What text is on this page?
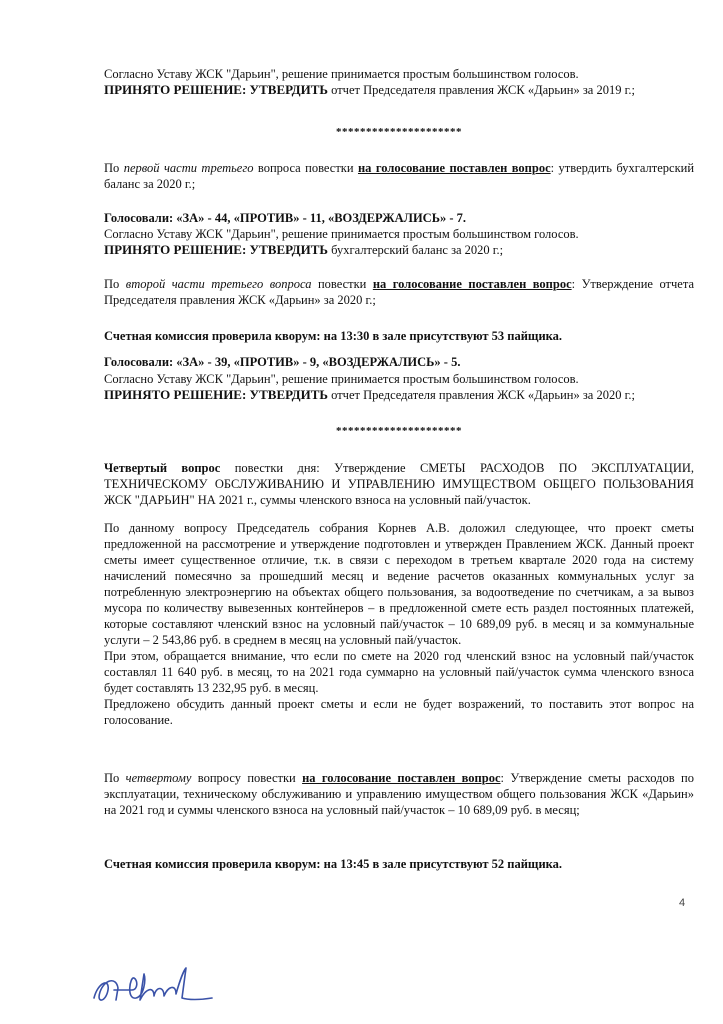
Согласно Уставу ЖСК "Дарьин", решение принимается простым большинством голосов.
ПРИНЯТО РЕШЕНИЕ: УТВЕРДИТЬ отчет Председателя правления ЖСК «Дарьин» за 2019 г.;
*********************
По первой части третьего вопроса повестки на голосование поставлен вопрос: утвердить бухгалтерский баланс за 2020 г.;
Голосовали: «ЗА» - 44, «ПРОТИВ» - 11, «ВОЗДЕРЖАЛИСЬ» - 7.
Согласно Уставу ЖСК "Дарьин", решение принимается простым большинством голосов.
ПРИНЯТО РЕШЕНИЕ: УТВЕРДИТЬ бухгалтерский баланс за 2020 г.;
По второй части третьего вопроса повестки на голосование поставлен вопрос: Утверждение отчета Председателя правления ЖСК «Дарьин» за 2020 г.;
Счетная комиссия проверила кворум: на 13:30 в зале присутствуют 53 пайщика.
Голосовали: «ЗА» - 39, «ПРОТИВ» - 9, «ВОЗДЕРЖАЛИСЬ» - 5.
Согласно Уставу ЖСК "Дарьин", решение принимается простым большинством голосов.
ПРИНЯТО РЕШЕНИЕ: УТВЕРДИТЬ отчет Председателя правления ЖСК «Дарьин» за 2020 г.;
*********************
Четвертый вопрос повестки дня: Утверждение СМЕТЫ РАСХОДОВ ПО ЭКСПЛУАТАЦИИ, ТЕХНИЧЕСКОМУ ОБСЛУЖИВАНИЮ И УПРАВЛЕНИЮ ИМУЩЕСТВОМ ОБЩЕГО ПОЛЬЗОВАНИЯ ЖСК "ДАРЬИН" НА 2021 г., суммы членского взноса на условный пай/участок.
По данному вопросу Председатель собрания Корнев А.В. доложил следующее, что проект сметы предложенной на рассмотрение и утверждение подготовлен и утвержден Правлением ЖСК. Данный проект сметы имеет существенное отличие, т.к. в связи с переходом в третьем квартале 2020 года на систему начислений помесячно за прошедший месяц и ведение расчетов оказанных коммунальных услуг за потребленную электроэнергию на объектах общего пользования, за водоотведение по счетчикам, а за вывоз мусора по количеству вывезенных контейнеров – в предложенной смете есть раздел постоянных платежей, которые составляют членский взнос на условный пай/участок – 10 689,09 руб. в месяц и за коммунальные услуги – 2 543,86 руб. в среднем в месяц на условный пай/участок.
При этом, обращается внимание, что если по смете на 2020 год членский взнос на условный пай/участок составлял 11 640 руб. в месяц, то на 2021 года суммарно на условный пай/участок сумма членского взноса будет составлять 13 232,95 руб. в месяц.
Предложено обсудить данный проект сметы и если не будет возражений, то поставить этот вопрос на голосование.
По четвертому вопросу повестки на голосование поставлен вопрос: Утверждение сметы расходов по эксплуатации, техническому обслуживанию и управлению имуществом общего пользования ЖСК «Дарьин» на 2021 год и суммы членского взноса на условный пай/участок – 10 689,09 руб. в месяц;
Счетная комиссия проверила кворум: на 13:45 в зале присутствуют 52 пайщика.
4
